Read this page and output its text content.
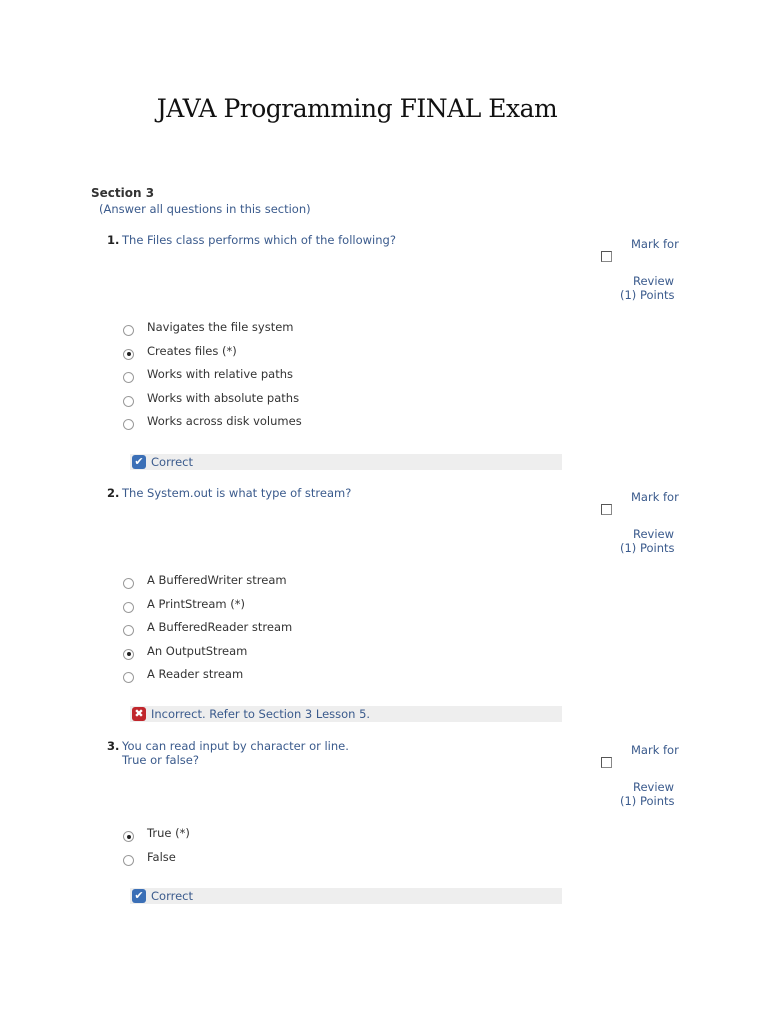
JAVA Programming FINAL Exam
Section 3
(Answer all questions in this section)
1. The Files class performs which of the following?	Mark for
Review
(1) Points
Navigates the file system
Creates files (*)
Works with relative paths
Works with absolute paths
Works across disk volumes
✔ Correct
2. The System.out is what type of stream?	Mark for
Review
(1) Points
A BufferedWriter stream
A PrintStream (*)
A BufferedReader stream
An OutputStream
A Reader stream
✖ Incorrect. Refer to Section 3 Lesson 5.
3. You can read input by character or line.
True or false?
Mark for
Review
(1) Points
True (*)
False
✔ Correct
